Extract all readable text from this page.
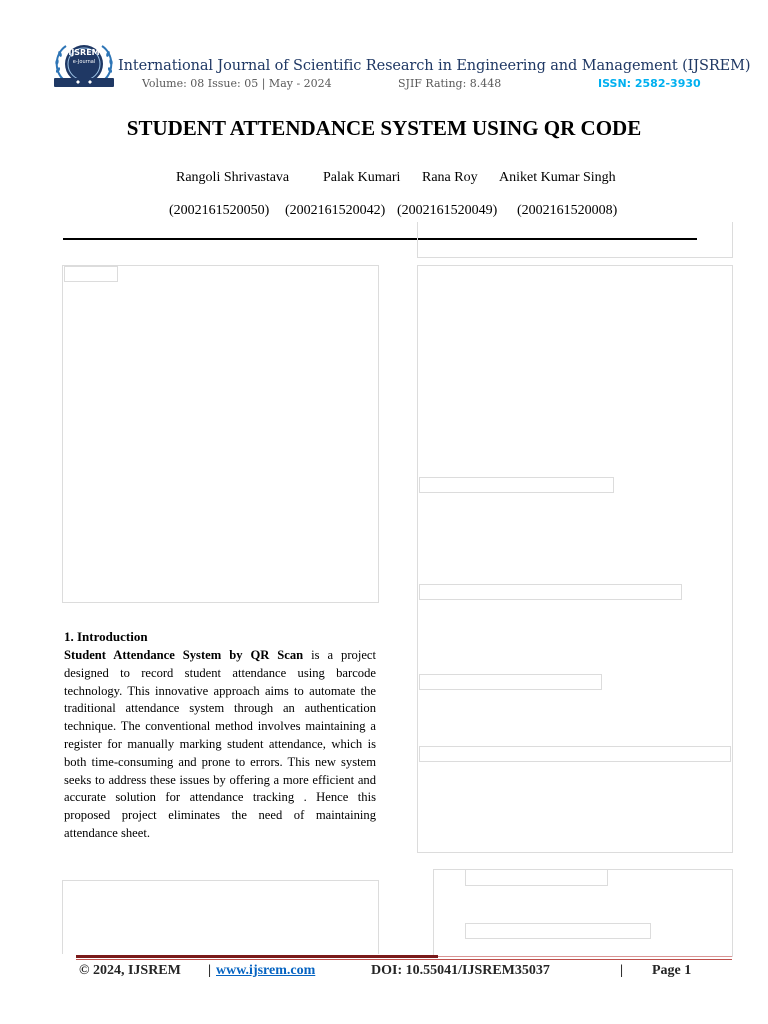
IJSREM
e-Journal	International Journal of Scientific Research in Engineering and Management (IJSREM)
Volume: 08 Issue: 05 | May - 2024	SJIF Rating: 8.448	ISSN: 2582-3930
STUDENT ATTENDANCE SYSTEM USING QR CODE
Rangoli Shrivastava Palak Kumari Rana Roy Aniket Kumar Singh
(2002161520050) (2002161520042) (2002161520049) (2002161520008)
1. Introduction
Student Attendance System by QR Scan is a project designed to record student attendance using barcode technology. This innovative approach aims to automate the traditional attendance system through an authentication technique. The conventional method involves maintaining a register for manually marking student attendance, which is both time-consuming and prone to errors. This new system seeks to address these issues by offering a more efficient and accurate solution for attendance tracking . Hence this proposed project eliminates the need of maintaining attendance sheet.
© 2024, IJSREM | www.ijsrem.com	DOI: 10.55041/IJSREM35037	| Page 1
